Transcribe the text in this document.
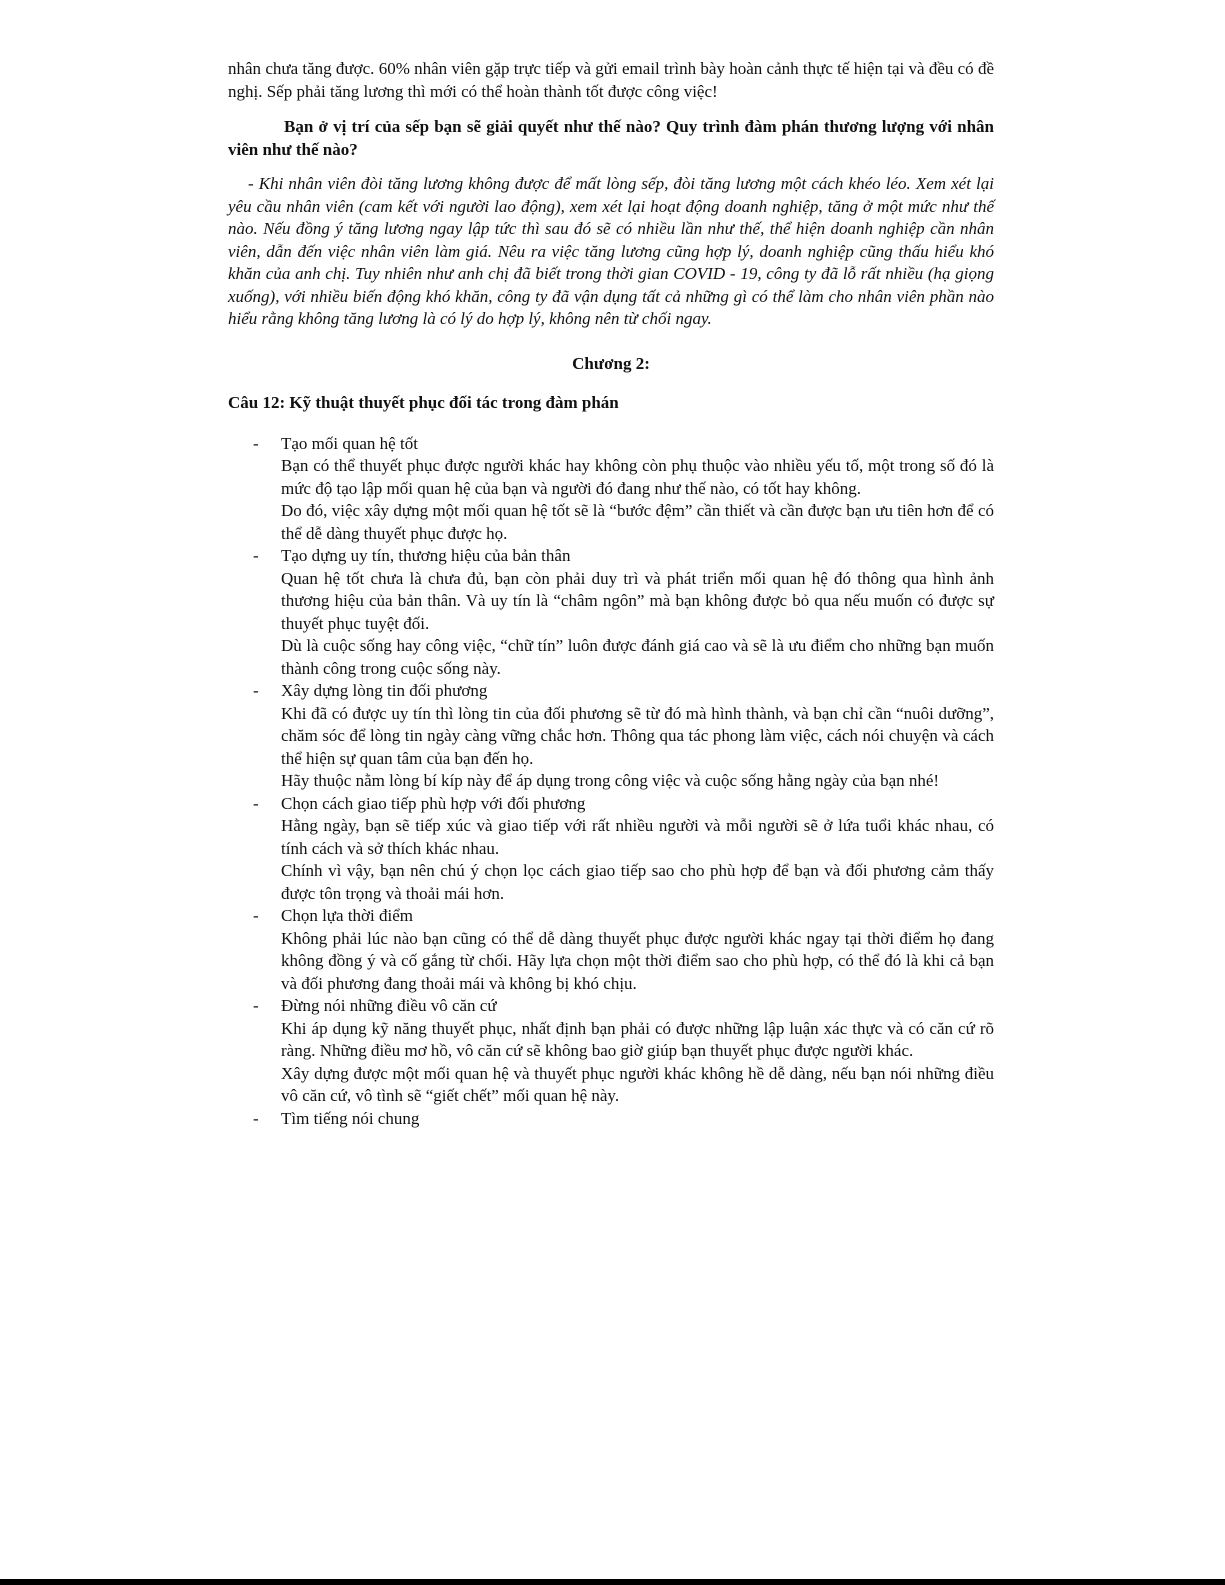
nhân chưa tăng được. 60% nhân viên gặp trực tiếp và gửi email trình bày hoàn cảnh thực tế hiện tại và đều có đề nghị. Sếp phải tăng lương thì mới có thể hoàn thành tốt được công việc!

Bạn ở vị trí của sếp bạn sẽ giải quyết như thế nào? Quy trình đàm phán thương lượng với nhân viên như thế nào?

- Khi nhân viên đòi tăng lương không được để mất lòng sếp, đòi tăng lương một cách khéo léo. Xem xét lại yêu cầu nhân viên (cam kết với người lao động), xem xét lại hoạt động doanh nghiệp, tăng ở một mức như thế nào. Nếu đồng ý tăng lương ngay lập tức thì sau đó sẽ có nhiều lần như thế, thể hiện doanh nghiệp cần nhân viên, dẫn đến việc nhân viên làm giá. Nêu ra việc tăng lương cũng hợp lý, doanh nghiệp cũng thấu hiểu khó khăn của anh chị. Tuy nhiên như anh chị đã biết trong thời gian COVID - 19, công ty đã lỗ rất nhiều (hạ giọng xuống), với nhiều biến động khó khăn, công ty đã vận dụng tất cả những gì có thể làm cho nhân viên phần nào hiểu rằng không tăng lương là có lý do hợp lý, không nên từ chối ngay.

Chương 2:

Câu 12: Kỹ thuật thuyết phục đối tác trong đàm phán

- Tạo mối quan hệ tốt

Bạn có thể thuyết phục được người khác hay không còn phụ thuộc vào nhiều yếu tố, một trong số đó là mức độ tạo lập mối quan hệ của bạn và người đó đang như thế nào, có tốt hay không.

Do đó, việc xây dựng một mối quan hệ tốt sẽ là “bước đệm” cần thiết và cần được bạn ưu tiên hơn để có thể dễ dàng thuyết phục được họ.

- Tạo dựng uy tín, thương hiệu của bản thân

Quan hệ tốt chưa là chưa đủ, bạn còn phải duy trì và phát triển mối quan hệ đó thông qua hình ảnh thương hiệu của bản thân. Và uy tín là “châm ngôn” mà bạn không được bỏ qua nếu muốn có được sự thuyết phục tuyệt đối.

Dù là cuộc sống hay công việc, “chữ tín” luôn được đánh giá cao và sẽ là ưu điểm cho những bạn muốn thành công trong cuộc sống này.

- Xây dựng lòng tin đối phương

Khi đã có được uy tín thì lòng tin của đối phương sẽ từ đó mà hình thành, và bạn chỉ cần “nuôi dưỡng”, chăm sóc để lòng tin ngày càng vững chắc hơn. Thông qua tác phong làm việc, cách nói chuyện và cách thể hiện sự quan tâm của bạn đến họ.

Hãy thuộc nằm lòng bí kíp này để áp dụng trong công việc và cuộc sống hằng ngày của bạn nhé!

- Chọn cách giao tiếp phù hợp với đối phương

Hằng ngày, bạn sẽ tiếp xúc và giao tiếp với rất nhiều người và mỗi người sẽ ở lứa tuổi khác nhau, có tính cách và sở thích khác nhau.

Chính vì vậy, bạn nên chú ý chọn lọc cách giao tiếp sao cho phù hợp để bạn và đối phương cảm thấy được tôn trọng và thoải mái hơn.

- Chọn lựa thời điểm

Không phải lúc nào bạn cũng có thể dễ dàng thuyết phục được người khác ngay tại thời điểm họ đang không đồng ý và cố gắng từ chối. Hãy lựa chọn một thời điểm sao cho phù hợp, có thể đó là khi cả bạn và đối phương đang thoải mái và không bị khó chịu.

- Đừng nói những điều vô căn cứ

Khi áp dụng kỹ năng thuyết phục, nhất định bạn phải có được những lập luận xác thực và có căn cứ rõ ràng. Những điều mơ hồ, vô căn cứ sẽ không bao giờ giúp bạn thuyết phục được người khác.

Xây dựng được một mối quan hệ và thuyết phục người khác không hề dễ dàng, nếu bạn nói những điều vô căn cứ, vô tình sẽ “giết chết” mối quan hệ này.

- Tìm tiếng nói chung
